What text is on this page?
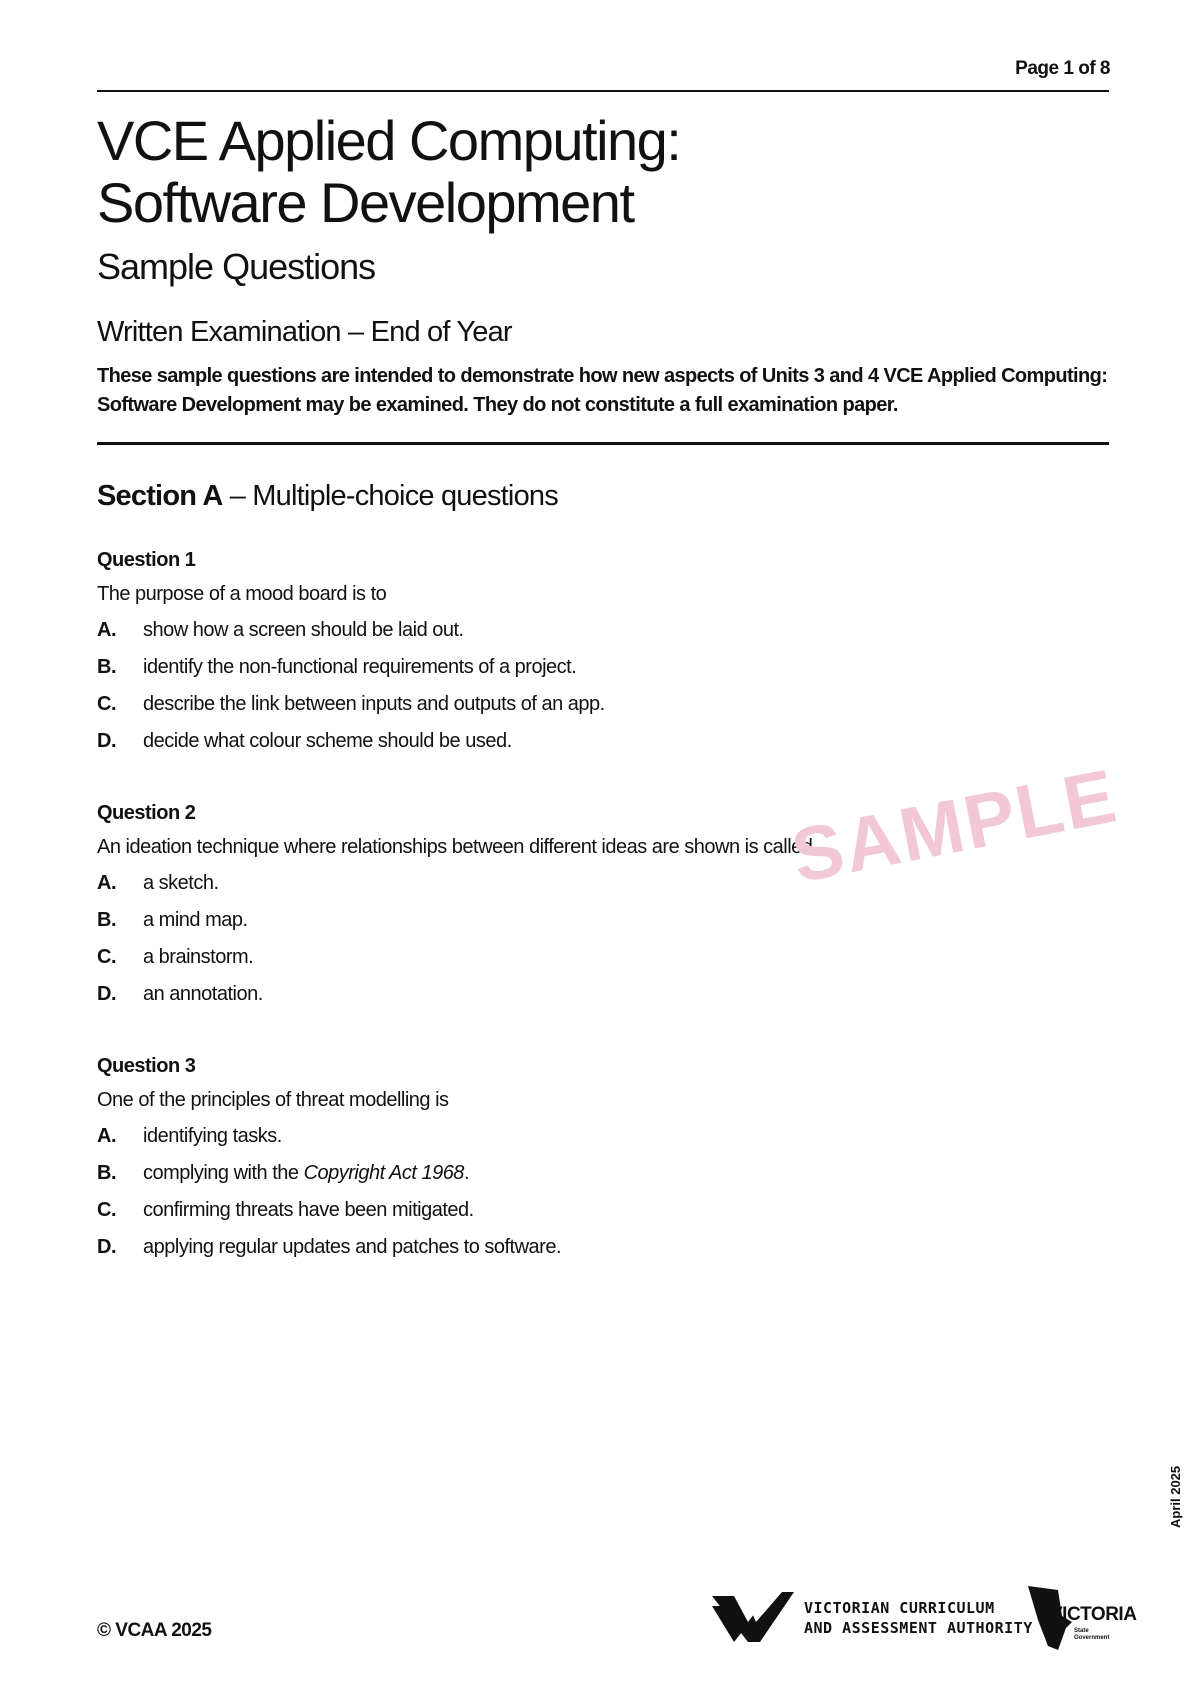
Page 1 of 8
VCE Applied Computing:
Software Development
Sample Questions
Written Examination – End of Year

These sample questions are intended to demonstrate how new aspects of Units 3 and 4 VCE Applied Computing: Software Development may be examined. They do not constitute a full examination paper.

Section A – Multiple-choice questions
Question 1
The purpose of a mood board is to
A.	show how a screen should be laid out.
B.	identify the non-functional requirements of a project.
C.	describe the link between inputs and outputs of an app.
D.	decide what colour scheme should be used.
Question 2
An ideation technique where relationships between different ideas are shown is called
A.	a sketch.
B.	a mind map.
C.	a brainstorm.
D.	an annotation.
Question 3
One of the principles of threat modelling is
A.	identifying tasks.
B.	complying with the Copyright Act 1968.
C.	confirming threats have been mitigated.
D.	applying regular updates and patches to software.
SAMPLE
April 2025
© VCAA 2025
VICTORIAN CURRICULUM
AND ASSESSMENT AUTHORITY
VICTORIA
State
Government
